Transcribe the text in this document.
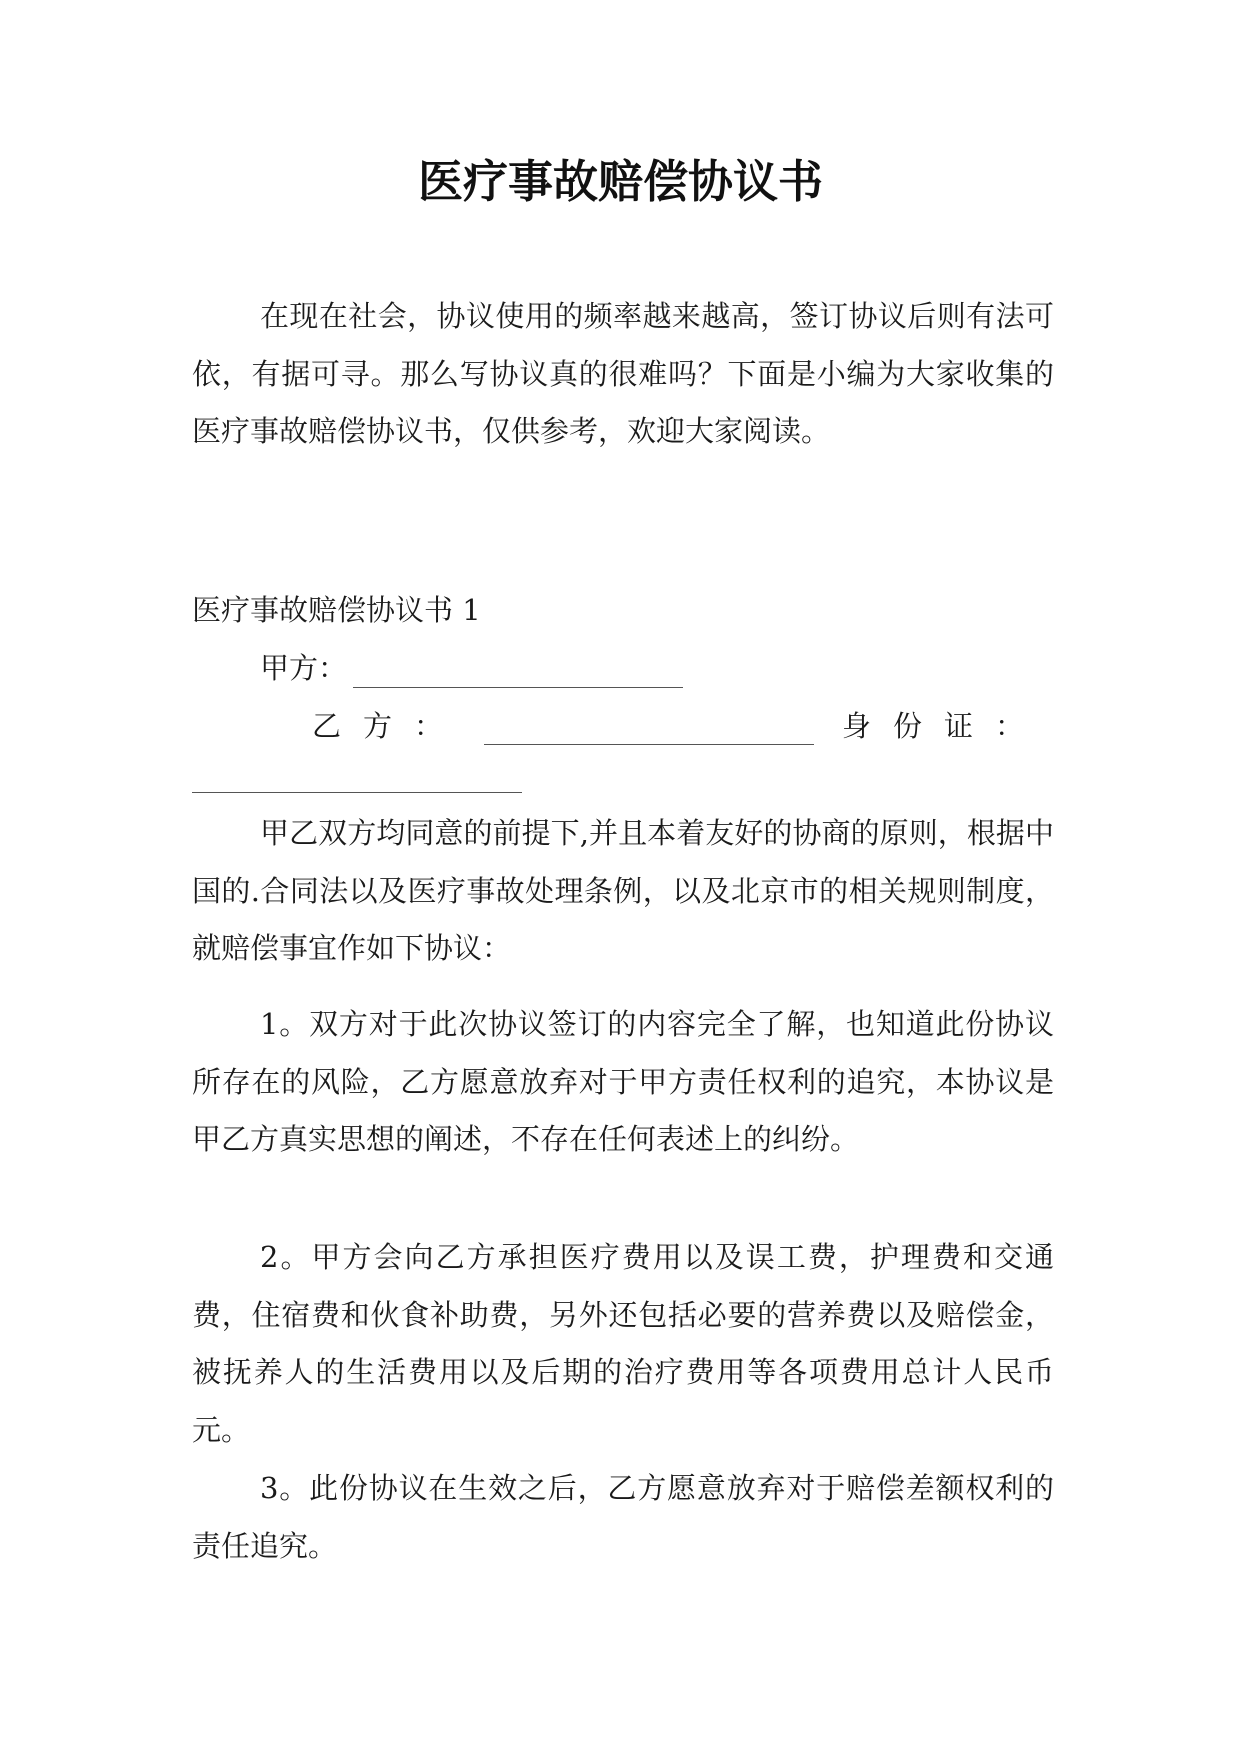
医疗事故赔偿协议书

在现在社会，协议使用的频率越来越高，签订协议后则有法可依，有据可寻。那么写协议真的很难吗？下面是小编为大家收集的医疗事故赔偿协议书，仅供参考，欢迎大家阅读。

医疗事故赔偿协议书 1
甲方：
乙方：	身份证：

甲乙双方均同意的前提下,并且本着友好的协商的原则，根据中国的.合同法以及医疗事故处理条例，以及北京市的相关规则制度，就赔偿事宜作如下协议：

1。双方对于此次协议签订的内容完全了解，也知道此份协议所存在的风险，乙方愿意放弃对于甲方责任权利的追究，本协议是甲乙方真实思想的阐述，不存在任何表述上的纠纷。

2。甲方会向乙方承担医疗费用以及误工费，护理费和交通费，住宿费和伙食补助费，另外还包括必要的营养费以及赔偿金，被抚养人的生活费用以及后期的治疗费用等各项费用总计人民币元。

3。此份协议在生效之后，乙方愿意放弃对于赔偿差额权利的责任追究。
